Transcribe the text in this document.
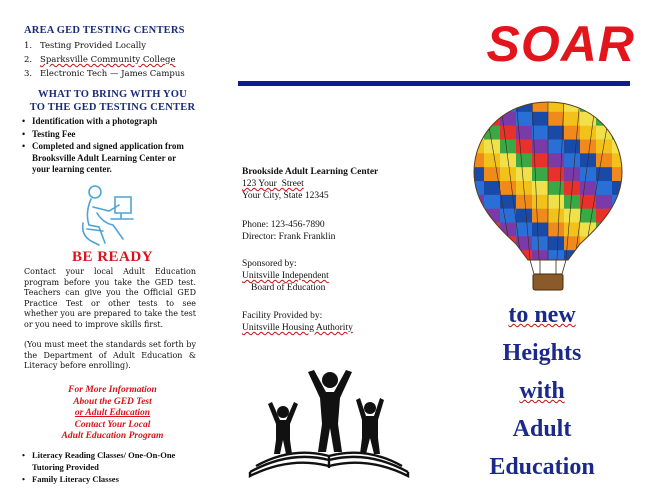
AREA GED TESTING CENTERS
1. Testing Provided Locally
2. Sparksville Community College
3. Electronic Tech — James Campus
WHAT TO BRING WITH YOU
TO THE GED TESTING CENTER
• Identification with a photograph
• Testing Fee
• Completed and signed application from Brooksville Adult Learning Center or your learning center.
BE READY
Contact your local Adult Education program before you take the GED test. Teachers can give you the Official GED Practice Test or other tests to see whether you are prepared to take the test or you need to improve skills first.
(You must meet the standards set forth by the Department of Adult Education & Literacy before enrolling).
For More Information
About the GED Test
or Adult Education
Contact Your Local
Adult Education Program
• Literacy Reading Classes/ One-On-One Tutoring Provided
• Family Literacy Classes
Brookside Adult Learning Center
123 Your  Street
Your City, State 12345
Phone: 123-456-7890
Director: Frank Franklin
Sponsored by:
Unitsville Independent
Board of Education
Facility Provided by:
Unitsville Housing Authority
SOAR
to new
Heights
with
Adult
Education
